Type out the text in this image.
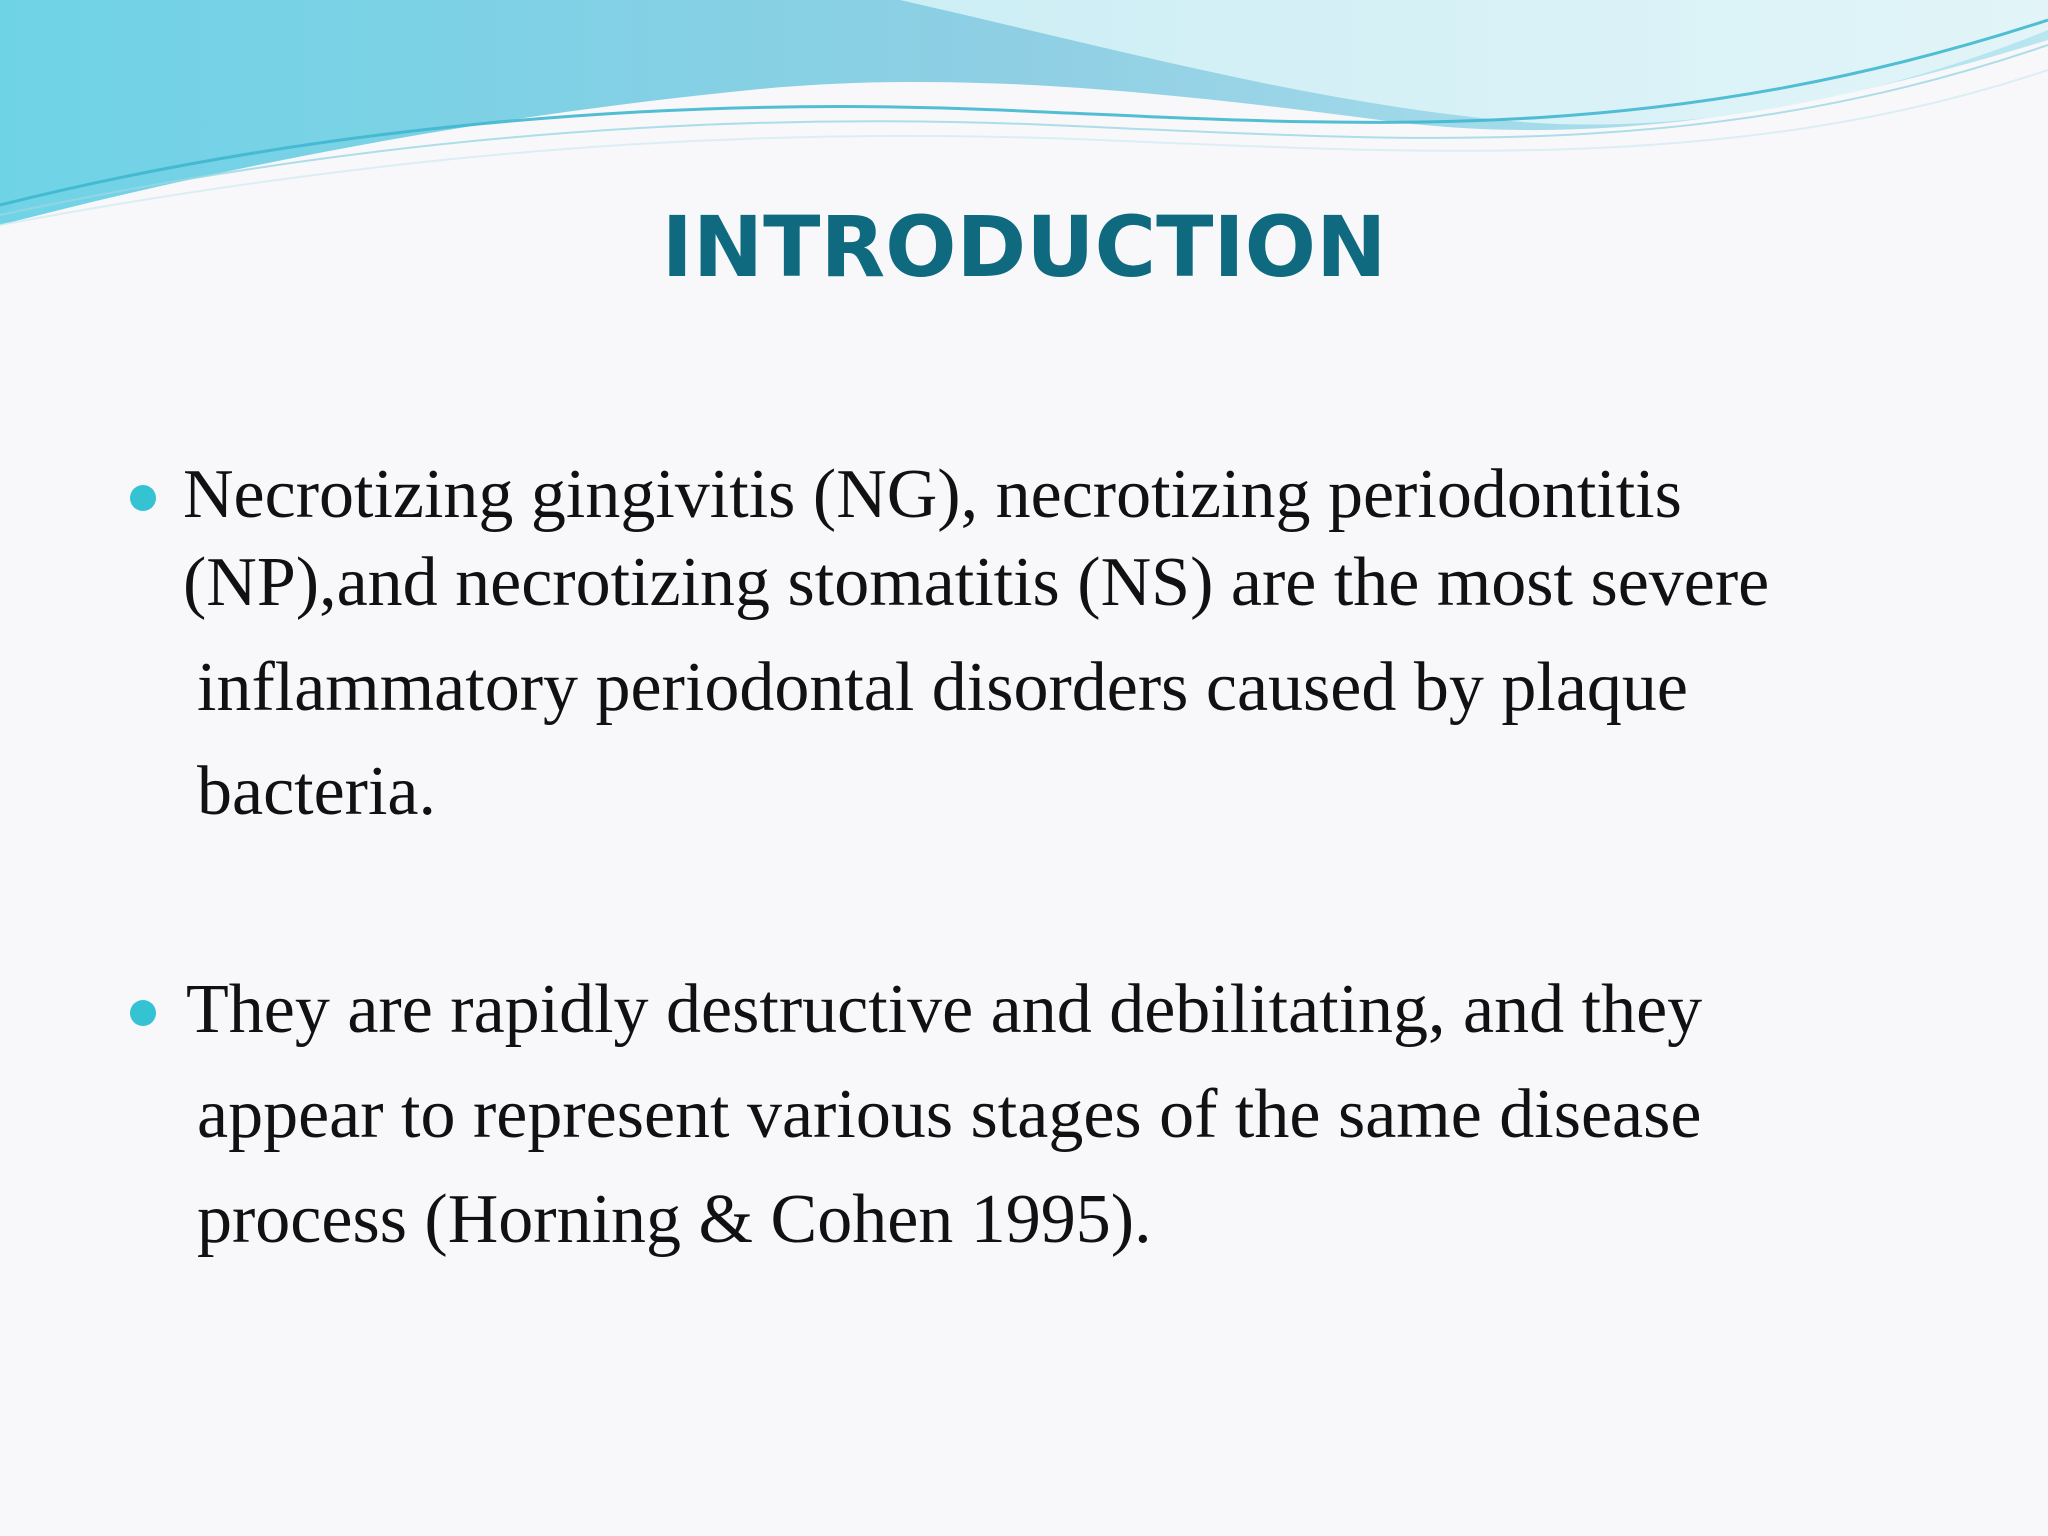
INTRODUCTION
Necrotizing gingivitis (NG), necrotizing periodontitis
(NP),and necrotizing stomatitis (NS) are the most severe
inflammatory periodontal disorders caused by plaque
bacteria.
They are rapidly destructive and debilitating, and they
appear to represent various stages of the same disease
process (Horning & Cohen 1995).
